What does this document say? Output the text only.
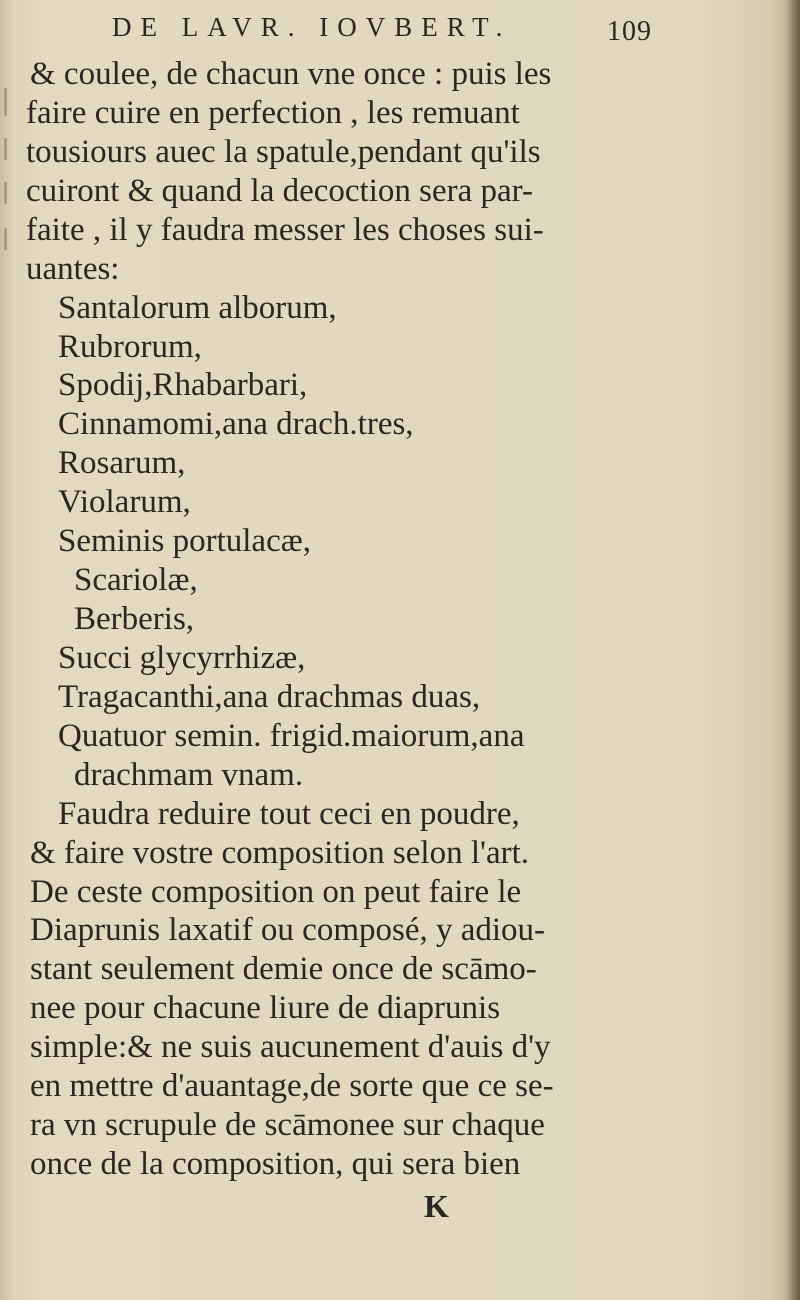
DE LAVR. IOVBERT.	109
& coulee, de chacun vne once : puis les
faire cuire en perfection , les remuant
tousiours auec la spatule,pendant qu'ils
cuiront & quand la decoction sera par-
faite , il y faudra messer les choses sui-
uantes:
Santalorum alborum,
Rubrorum,
Spodij,Rhabarbari,
Cinnamomi,ana drach.tres,
Rosarum,
Violarum,
Seminis portulacæ,
Scariolæ,
Berberis,
Succi glycyrrhizæ,
Tragacanthi,ana drachmas duas,
Quatuor semin. frigid.maiorum,ana
drachmam vnam.
Faudra reduire tout ceci en poudre,
& faire vostre composition selon l'art.
De ceste composition on peut faire le
Diaprunis laxatif ou composé, y adiou-
stant seulement demie once de scāmo-
nee pour chacune liure de diaprunis
simple:& ne suis aucunement d'auis d'y
en mettre d'auantage,de sorte que ce se-
K
ra vn scrupule de scāmonee sur chaque
once de la composition, qui sera bien
